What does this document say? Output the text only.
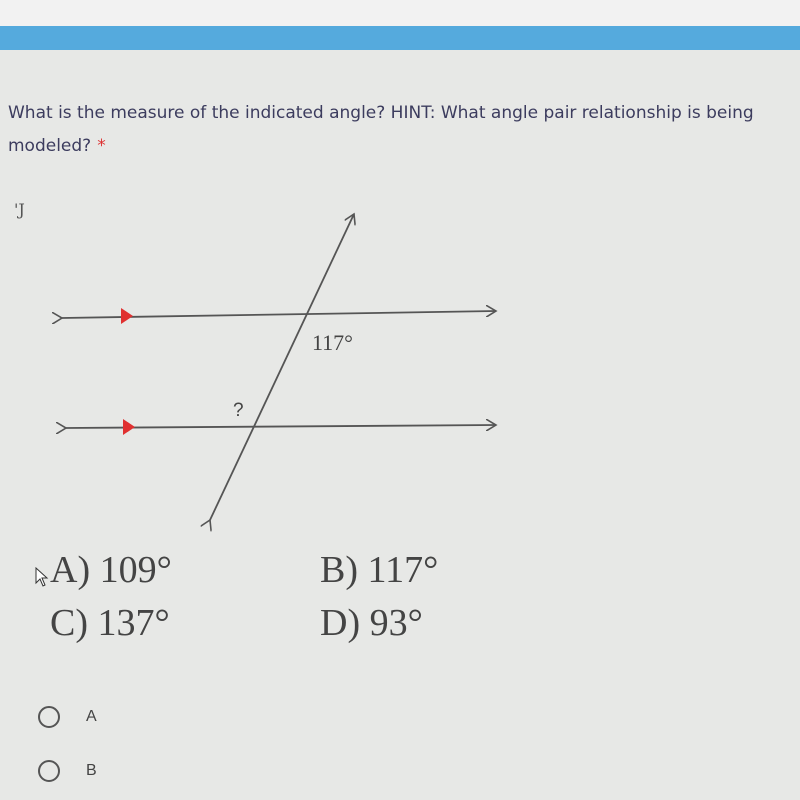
What is the measure of the indicated angle? HINT: What angle pair relationship is being modeled? *
'J
117°
?
A) 109°	B) 117°
C) 137°	D) 93°
A
B
